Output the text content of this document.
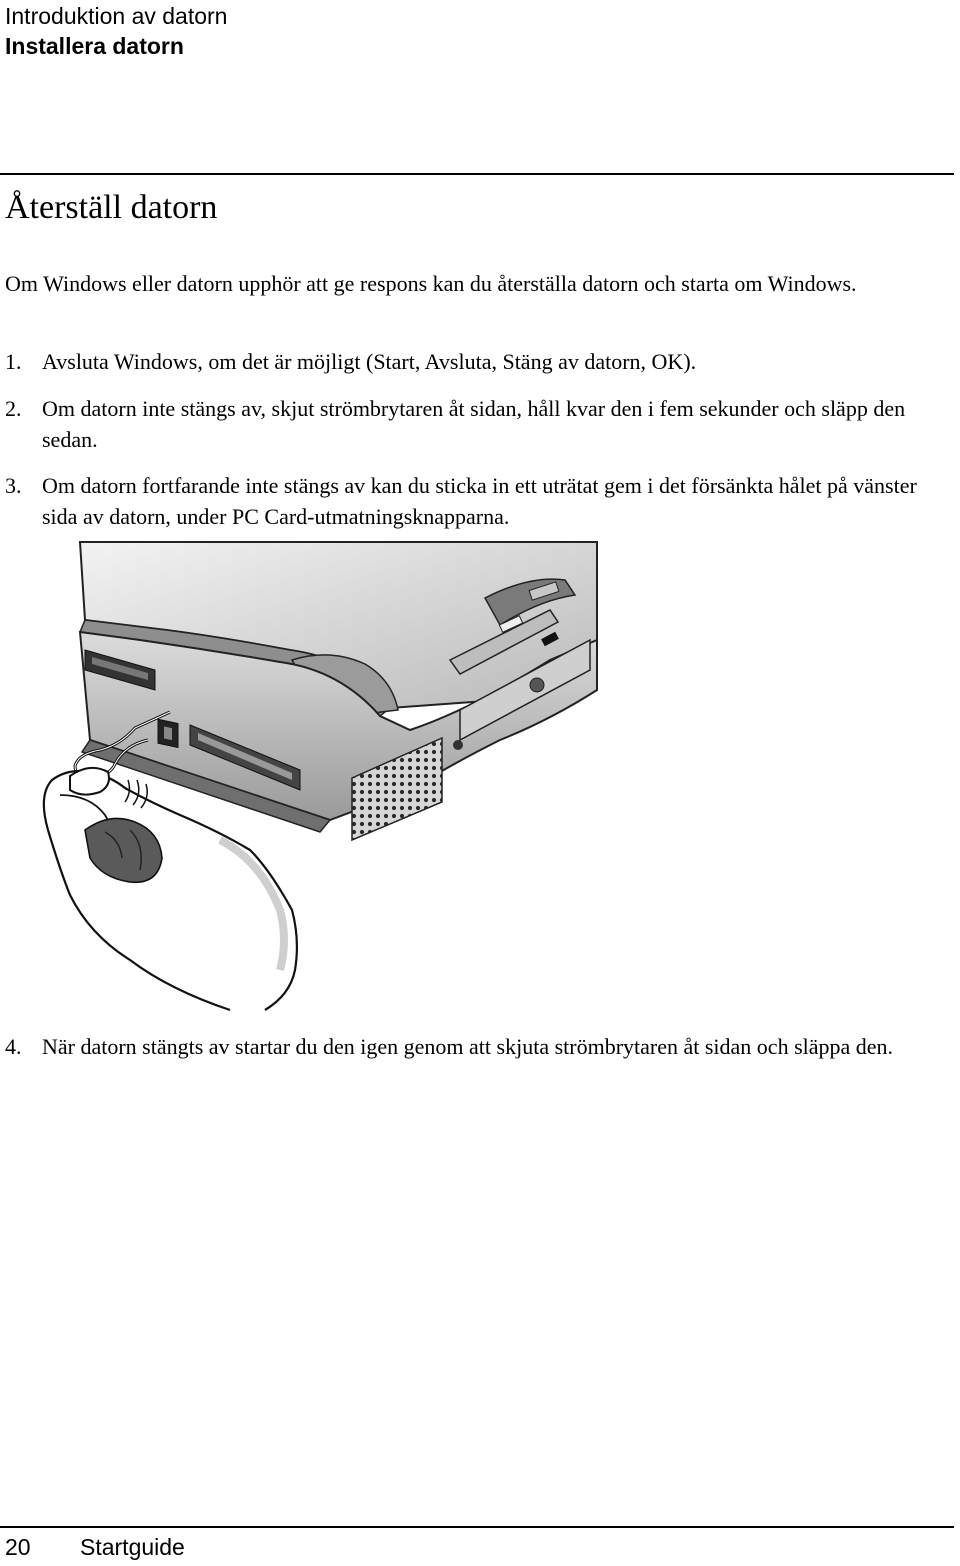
Introduktion av datorn
Installera datorn
Återställ datorn

Om Windows eller datorn upphör att ge respons kan du återställa datorn och starta om Windows.

1. Avsluta Windows, om det är möjligt (Start, Avsluta, Stäng av datorn, OK).
2. Om datorn inte stängs av, skjut strömbrytaren åt sidan, håll kvar den i fem sekunder och släpp den sedan.
3. Om datorn fortfarande inte stängs av kan du sticka in ett uträtat gem i det försänkta hålet på vänster sida av datorn, under PC Card-utmatningsknapparna.
4. När datorn stängts av startar du den igen genom att skjuta strömbrytaren åt sidan och släppa den.
20 Startguide
